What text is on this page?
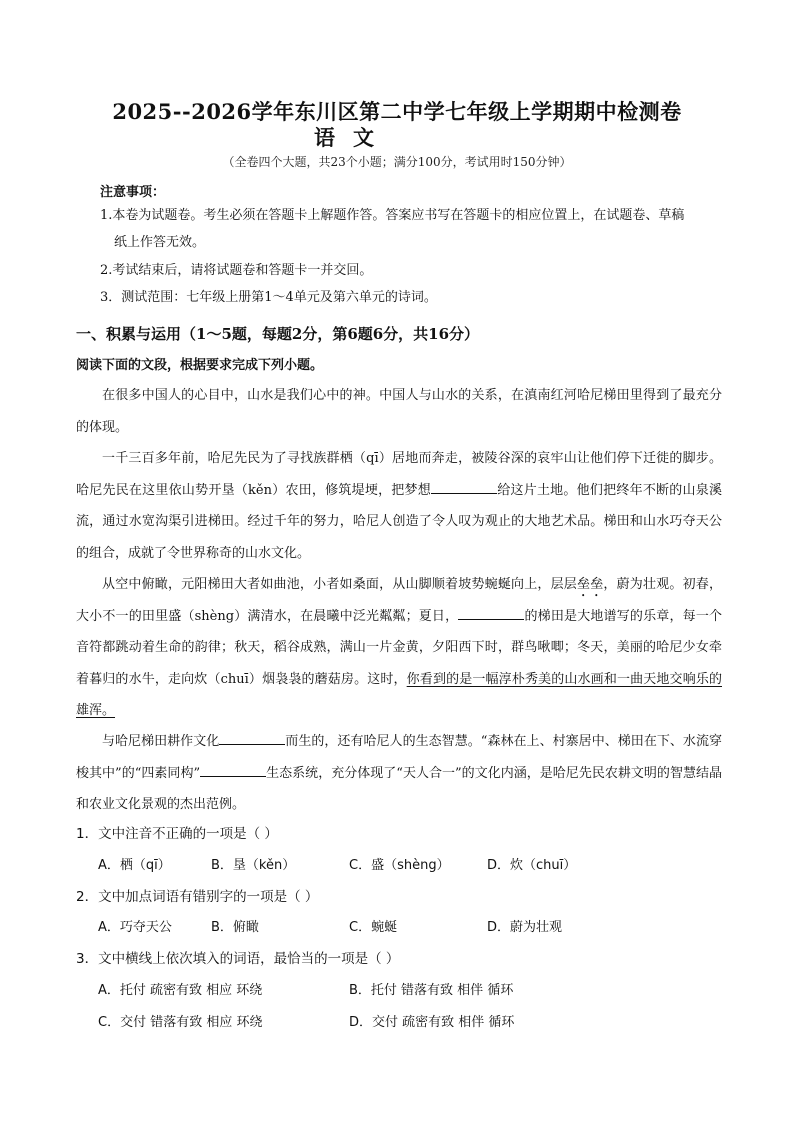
2025--2026学年东川区第二中学七年级上学期期中检测卷
语文
（全卷四个大题，共23个小题；满分100分，考试用时150分钟）
注意事项：
1.本卷为试题卷。考生必须在答题卡上解题作答。答案应书写在答题卡的相应位置上，在试题卷、草稿
纸上作答无效。
2.考试结束后，请将试题卷和答题卡一并交回。
3．测试范围：七年级上册第1～4单元及第六单元的诗词。
一、积累与运用（1～5题，每题2分，第6题6分，共16分）
阅读下面的文段，根据要求完成下列小题。
在很多中国人的心目中，山水是我们心中的神。中国人与山水的关系，在滇南红河哈尼梯田里得到了最充分的体现。
一千三百多年前，哈尼先民为了寻找族群栖（qī）居地而奔走，被陵谷深的哀牢山让他们停下迁徙的脚步。哈尼先民在这里依山势开垦（kěn）农田，修筑堤埂，把梦想	给这片土地。他们把终年不断的山泉溪流，通过水宽沟渠引进梯田。经过千年的努力，哈尼人创造了令人叹为观止的大地艺术品。梯田和山水巧夺天公的组合，成就了令世界称奇的山水文化。
从空中俯瞰，元阳梯田大者如曲池，小者如桑面，从山脚顺着坡势蜿蜒向上，层层垒垒，蔚为壮观。初春，大小不一的田里盛（shèng）满清水，在晨曦中泛光粼粼；夏日，	的梯田是大地谱写的乐章，每一个音符都跳动着生命的韵律；秋天，稻谷成熟，满山一片金黄，夕阳西下时，群鸟啾唧；冬天，美丽的哈尼少女牵着暮归的水牛，走向炊（chuī）烟袅袅的蘑菇房。这时，你看到的是一幅淳朴秀美的山水画和一曲天地交响乐的雄浑。
与哈尼梯田耕作文化	而生的，还有哈尼人的生态智慧。“森林在上、村寨居中、梯田在下、水流穿梭其中”的“四素同构”	生态系统，充分体现了“天人合一”的文化内涵，是哈尼先民农耕文明的智慧结晶和农业文化景观的杰出范例。
1．文中注音不正确的一项是（ ）
A．栖（qī）	B．垦（kěn）	C．盛（shèng）	D．炊（chuī）
2．文中加点词语有错别字的一项是（ ）
A．巧夺天公	B．俯瞰	C．蜿蜒	D．蔚为壮观
3．文中横线上依次填入的词语，最恰当的一项是（ ）
A．托付 疏密有致 相应 环绕	B．托付 错落有致 相伴 循环
C．交付 错落有致 相应 环绕	D．交付 疏密有致 相伴 循环
